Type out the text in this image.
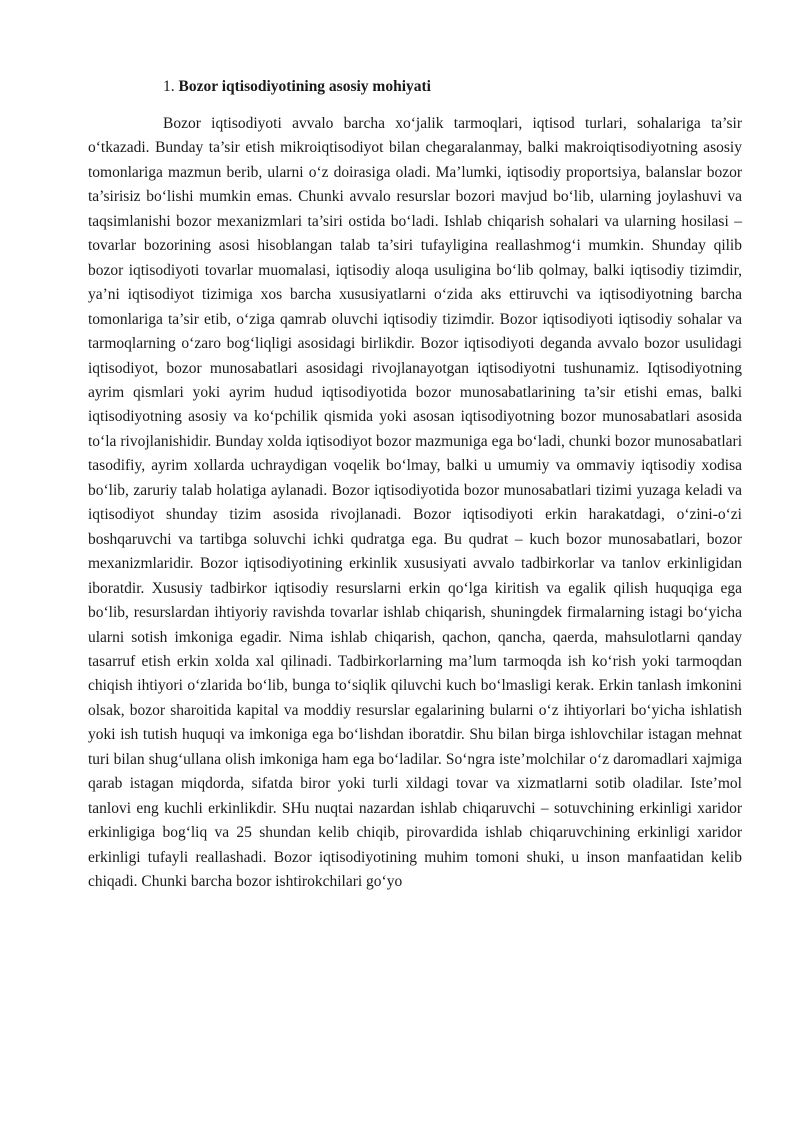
1. Bozor iqtisodiyotining asosiy mohiyati

Bozor iqtisodiyoti avvalo barcha xo‘jalik tarmoqlari, iqtisod turlari, sohalariga ta’sir o‘tkazadi. Bunday ta’sir etish mikroiqtisodiyot bilan chegaralanmay, balki makroiqtisodiyotning asosiy tomonlariga mazmun berib, ularni o‘z doirasiga oladi. Ma’lumki, iqtisodiy proportsiya, balanslar bozor ta’sirisiz bo‘lishi mumkin emas. Chunki avvalo resurslar bozori mavjud bo‘lib, ularning joylashuvi va taqsimlanishi bozor mexanizmlari ta’siri ostida bo‘ladi. Ishlab chiqarish sohalari va ularning hosilasi – tovarlar bozorining asosi hisoblangan talab ta’siri tufayligina reallashmog‘i mumkin. Shunday qilib bozor iqtisodiyoti tovarlar muomalasi, iqtisodiy aloqa usuligina bo‘lib qolmay, balki iqtisodiy tizimdir, ya’ni iqtisodiyot tizimiga xos barcha xususiyatlarni o‘zida aks ettiruvchi va iqtisodiyotning barcha tomonlariga ta’sir etib, o‘ziga qamrab oluvchi iqtisodiy tizimdir. Bozor iqtisodiyoti iqtisodiy sohalar va tarmoqlarning o‘zaro bog‘liqligi asosidagi birlikdir. Bozor iqtisodiyoti deganda avvalo bozor usulidagi iqtisodiyot, bozor munosabatlari asosidagi rivojlanayotgan iqtisodiyotni tushunamiz. Iqtisodiyotning ayrim qismlari yoki ayrim hudud iqtisodiyotida bozor munosabatlarining ta’sir etishi emas, balki iqtisodiyotning asosiy va ko‘pchilik qismida yoki asosan iqtisodiyotning bozor munosabatlari asosida to‘la rivojlanishidir. Bunday xolda iqtisodiyot bozor mazmuniga ega bo‘ladi, chunki bozor munosabatlari tasodifiy, ayrim xollarda uchraydigan voqelik bo‘lmay, balki u umumiy va ommaviy iqtisodiy xodisa bo‘lib, zaruriy talab holatiga aylanadi. Bozor iqtisodiyotida bozor munosabatlari tizimi yuzaga keladi va iqtisodiyot shunday tizim asosida rivojlanadi. Bozor iqtisodiyoti erkin harakatdagi, o‘zini-o‘zi boshqaruvchi va tartibga soluvchi ichki qudratga ega. Bu qudrat – kuch bozor munosabatlari, bozor mexanizmlaridir. Bozor iqtisodiyotining erkinlik xususiyati avvalo tadbirkorlar va tanlov erkinligidan iboratdir. Xususiy tadbirkor iqtisodiy resurslarni erkin qo‘lga kiritish va egalik qilish huquqiga ega bo‘lib, resurslardan ihtiyoriy ravishda tovarlar ishlab chiqarish, shuningdek firmalarning istagi bo‘yicha ularni sotish imkoniga egadir. Nima ishlab chiqarish, qachon, qancha, qaerda, mahsulotlarni qanday tasarruf etish erkin xolda xal qilinadi. Tadbirkorlarning ma’lum tarmoqda ish ko‘rish yoki tarmoqdan chiqish ihtiyori o‘zlarida bo‘lib, bunga to‘siqlik qiluvchi kuch bo‘lmasligi kerak. Erkin tanlash imkonini olsak, bozor sharoitida kapital va moddiy resurslar egalarining bularni o‘z ihtiyorlari bo‘yicha ishlatish yoki ish tutish huquqi va imkoniga ega bo‘lishdan iboratdir. Shu bilan birga ishlovchilar istagan mehnat turi bilan shug‘ullana olish imkoniga ham ega bo‘ladilar. So‘ngra iste’molchilar o‘z daromadlari xajmiga qarab istagan miqdorda, sifatda biror yoki turli xildagi tovar va xizmatlarni sotib oladilar. Iste’mol tanlovi eng kuchli erkinlikdir. SHu nuqtai nazardan ishlab chiqaruvchi – sotuvchining erkinligi xaridor erkinligiga bog‘liq va 25 shundan kelib chiqib, pirovardida ishlab chiqaruvchining erkinligi xaridor erkinligi tufayli reallashadi. Bozor iqtisodiyotining muhim tomoni shuki, u inson manfaatidan kelib chiqadi. Chunki barcha bozor ishtirokchilari go‘yo
